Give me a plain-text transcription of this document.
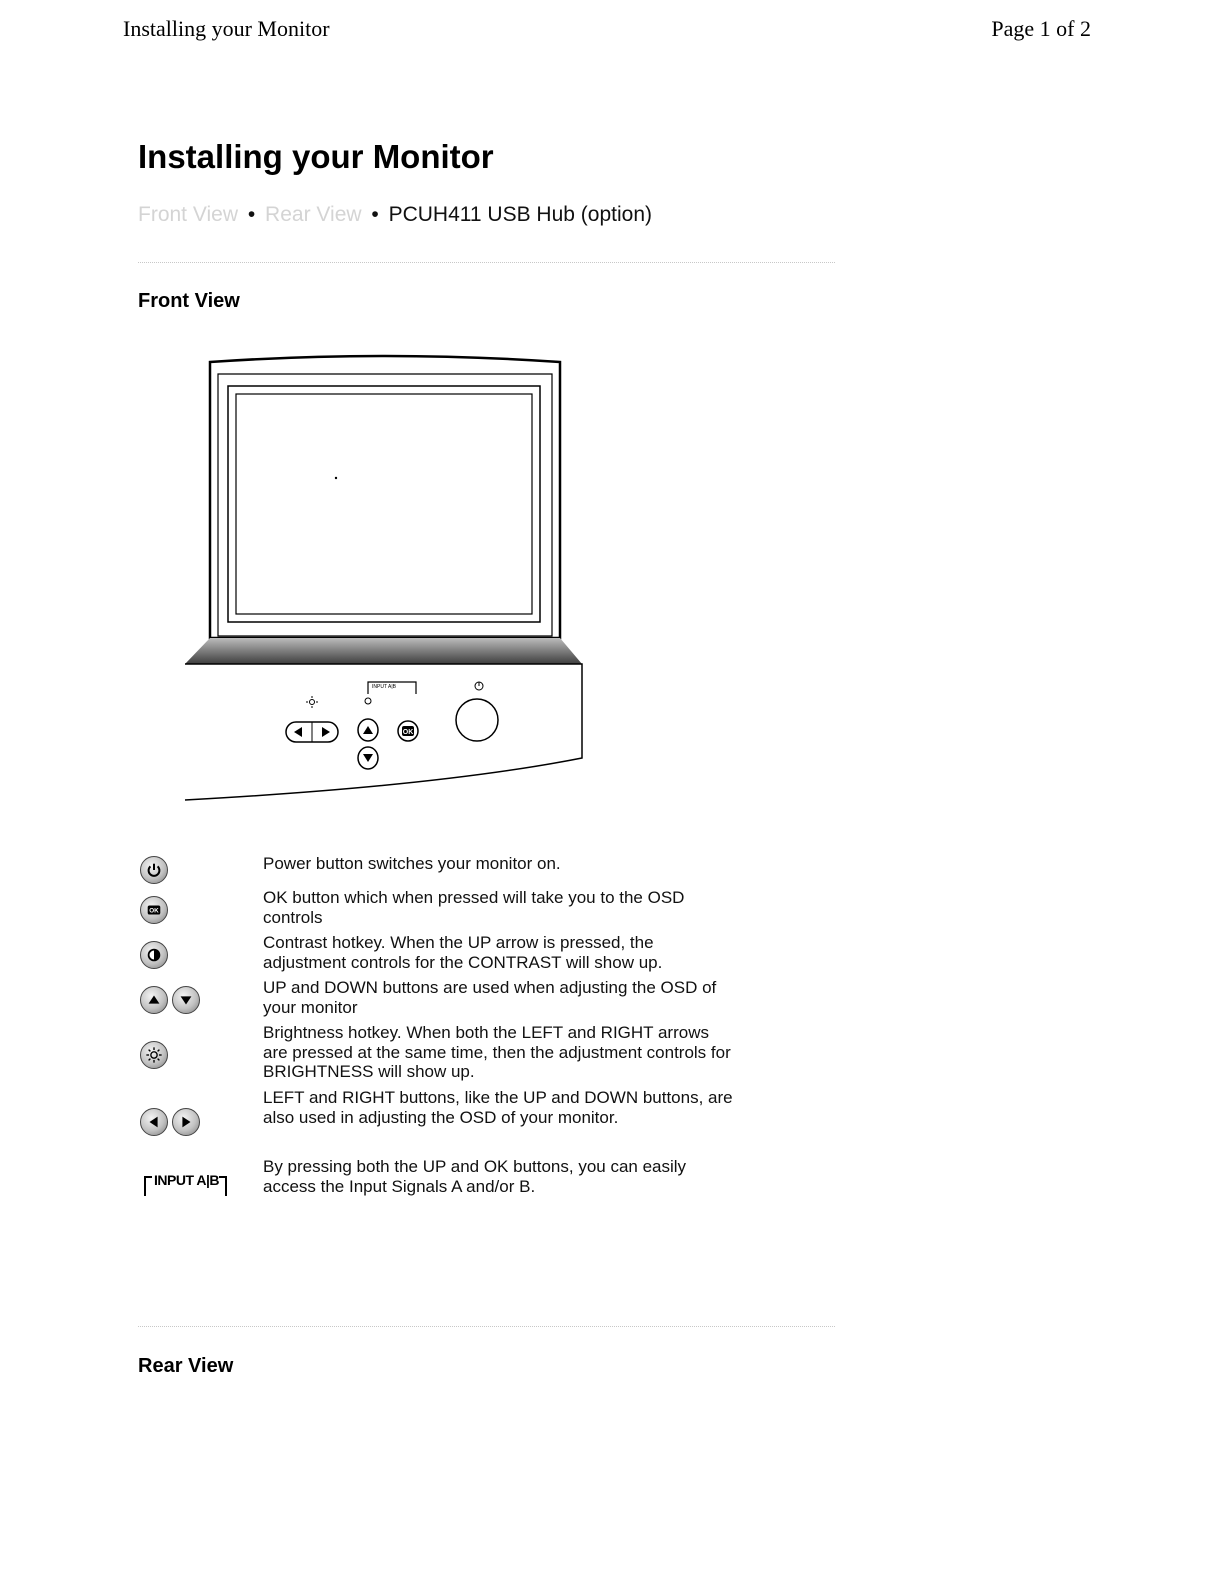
Installing your Monitor	Page 1 of 2
Installing your Monitor
Front View • Rear View • PCUH411 USB Hub (option)
Front View
INPUT A|B
OK
Power button switches your monitor on.
OK
OK button which when pressed will take you to the OSD controls
Contrast hotkey. When the UP arrow is pressed, the adjustment controls for the CONTRAST will show up.
UP and DOWN buttons are used when adjusting the OSD of your monitor
Brightness hotkey. When both the LEFT and RIGHT arrows are pressed at the same time, then the adjustment controls for BRIGHTNESS will show up.
LEFT and RIGHT buttons, like the UP and DOWN buttons, are also used in adjusting the OSD of your monitor.
INPUT A|B
By pressing both the UP and OK buttons, you can easily access the Input Signals A and/or B.
Rear View
